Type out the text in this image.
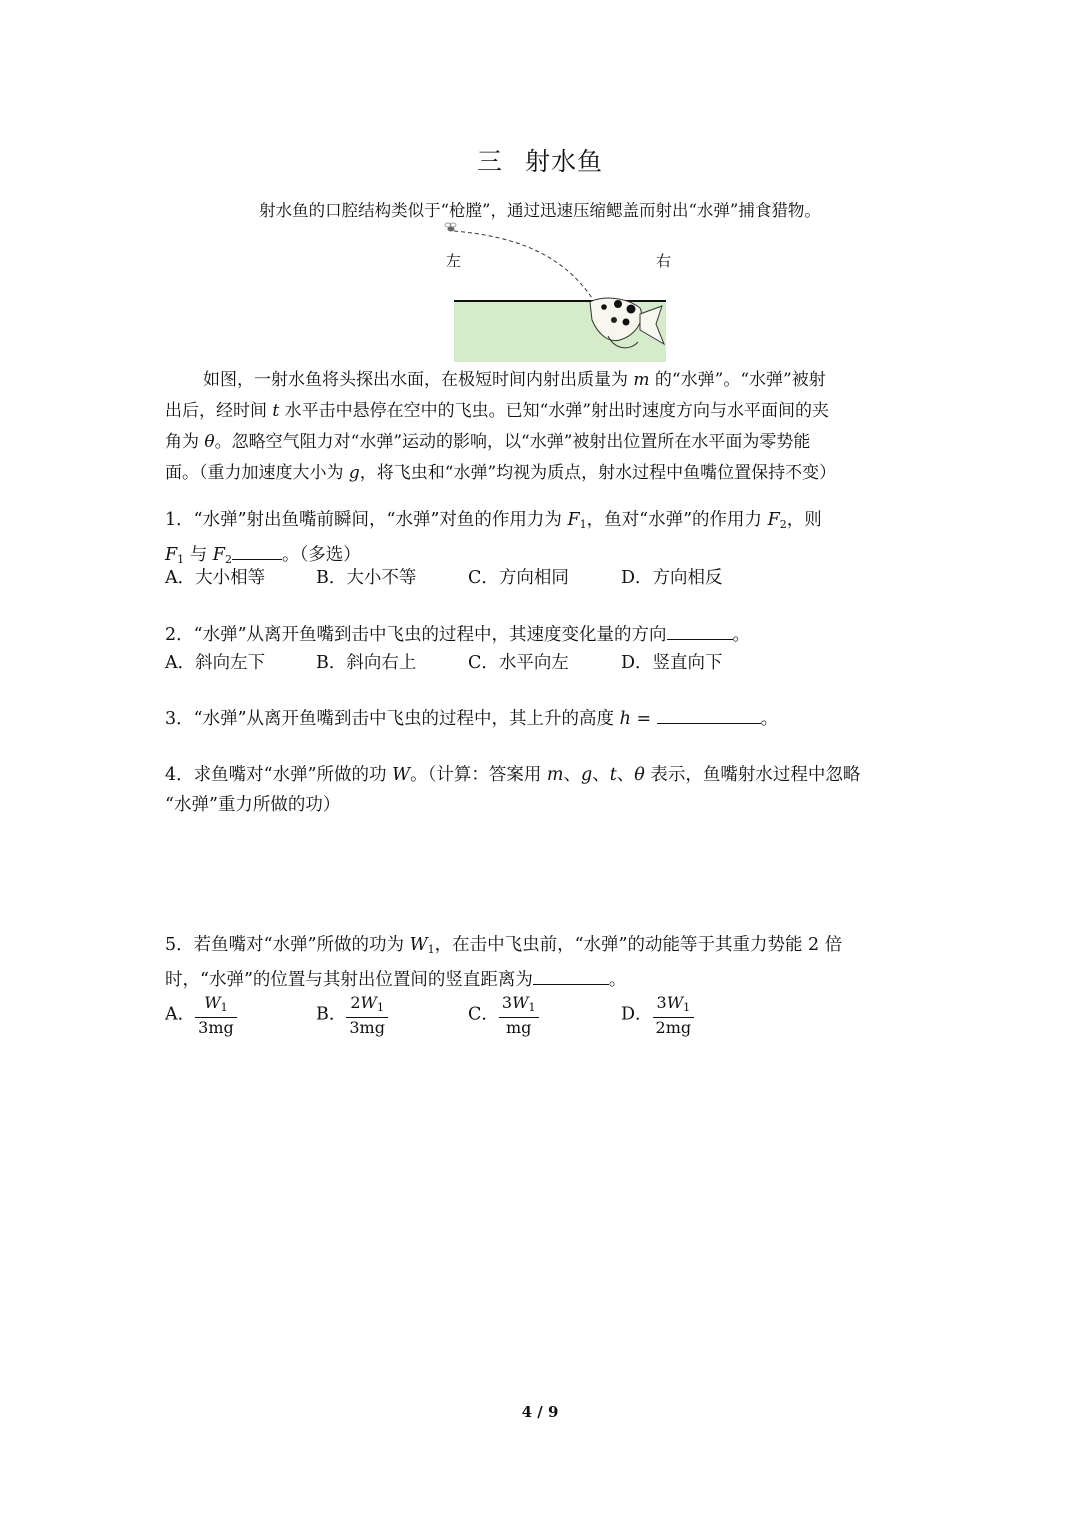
三 射水鱼
射水鱼的口腔结构类似于“枪膛”，通过迅速压缩鳃盖而射出“水弹”捕食猎物。
左	右
如图，一射水鱼将头探出水面，在极短时间内射出质量为 m 的“水弹”。“水弹”被射
出后，经时间 t 水平击中悬停在空中的飞虫。已知“水弹”射出时速度方向与水平面间的夹
角为 θ。忽略空气阻力对“水弹”运动的影响，以“水弹”被射出位置所在水平面为零势能
面。（重力加速度大小为 g，将飞虫和“水弹”均视为质点，射水过程中鱼嘴位置保持不变）
1．“水弹”射出鱼嘴前瞬间，“水弹”对鱼的作用力为 $F_1$，鱼对“水弹”的作用力 $F_2$，则
$F_1$ 与 $F_2$	。（多选）
A．大小相等	B．大小不等	C．方向相同	D．方向相反
2．“水弹”从离开鱼嘴到击中飞虫的过程中，其速度变化量的方向	。
A．斜向左下	B．斜向右上	C．水平向左	D．竖直向下
3．“水弹”从离开鱼嘴到击中飞虫的过程中，其上升的高度 h =	。
4．求鱼嘴对“水弹”所做的功 W。（计算：答案用 m、g、t、θ 表示，鱼嘴射水过程中忽略
“水弹”重力所做的功）
5．若鱼嘴对“水弹”所做的功为 $W_1$，在击中飞虫前，“水弹”的动能等于其重力势能 2 倍
时，“水弹”的位置与其射出位置间的竖直距离为	。
A． $\frac{W_1}{3mg}$	B． $\frac{2W_1}{3mg}$	C． $\frac{3W_1}{mg}$	D． $\frac{3W_1}{2mg}$
4 / 9
